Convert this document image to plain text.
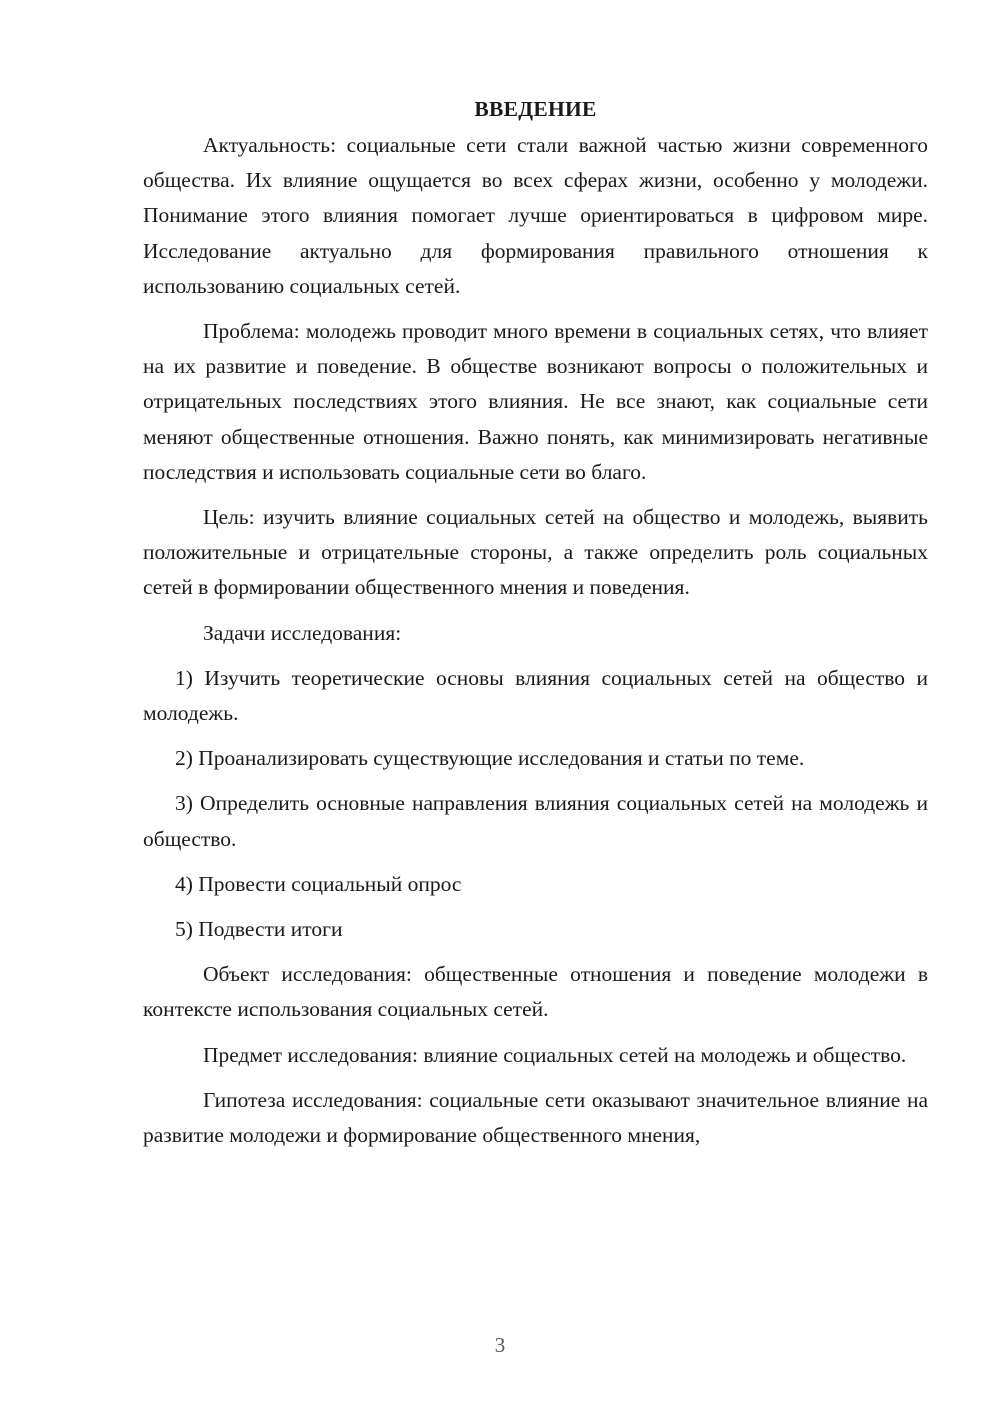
ВВЕДЕНИЕ

Актуальность: социальные сети стали важной частью жизни современного общества. Их влияние ощущается во всех сферах жизни, особенно у молодежи. Понимание этого влияния помогает лучше ориентироваться в цифровом мире. Исследование актуально для формирования правильного отношения к использованию социальных сетей.

Проблема: молодежь проводит много времени в социальных сетях, что влияет на их развитие и поведение. В обществе возникают вопросы о положительных и отрицательных последствиях этого влияния. Не все знают, как социальные сети меняют общественные отношения. Важно понять, как минимизировать негативные последствия и использовать социальные сети во благо.

Цель: изучить влияние социальных сетей на общество и молодежь, выявить положительные и отрицательные стороны, а также определить роль социальных сетей в формировании общественного мнения и поведения.

Задачи исследования:

1) Изучить теоретические основы влияния социальных сетей на общество и молодежь.

2) Проанализировать существующие исследования и статьи по теме.

3) Определить основные направления влияния социальных сетей на молодежь и общество.

4) Провести социальный опрос

5) Подвести итоги

Объект исследования: общественные отношения и поведение молодежи в контексте использования социальных сетей.

Предмет исследования: влияние социальных сетей на молодежь и общество.

Гипотеза исследования: социальные сети оказывают значительное влияние на развитие молодежи и формирование общественного мнения,

3
